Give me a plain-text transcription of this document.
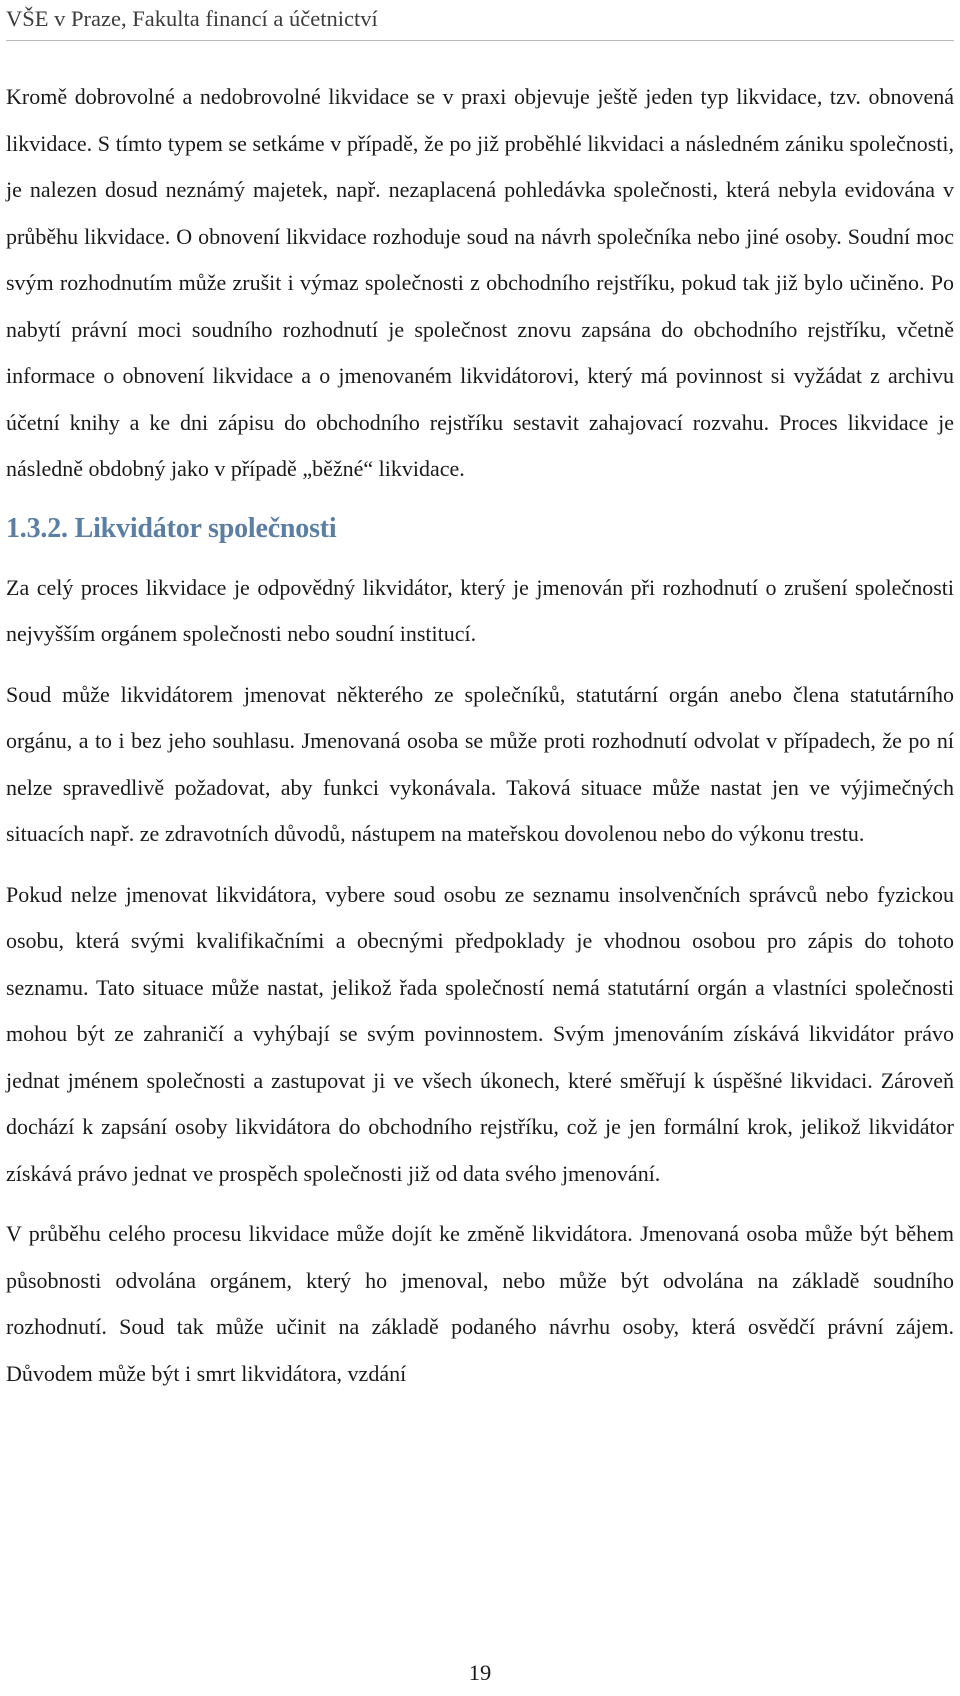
VŠE v Praze, Fakulta financí a účetnictví

Kromě dobrovolné a nedobrovolné likvidace se v praxi objevuje ještě jeden typ likvidace, tzv. obnovená likvidace. S tímto typem se setkáme v případě, že po již proběhlé likvidaci a následném zániku společnosti, je nalezen dosud neznámý majetek, např. nezaplacená pohledávka společnosti, která nebyla evidována v průběhu likvidace. O obnovení likvidace rozhoduje soud na návrh společníka nebo jiné osoby. Soudní moc svým rozhodnutím může zrušit i výmaz společnosti z obchodního rejstříku, pokud tak již bylo učiněno. Po nabytí právní moci soudního rozhodnutí je společnost znovu zapsána do obchodního rejstříku, včetně informace o obnovení likvidace a o jmenovaném likvidátorovi, který má povinnost si vyžádat z archivu účetní knihy a ke dni zápisu do obchodního rejstříku sestavit zahajovací rozvahu. Proces likvidace je následně obdobný jako v případě „běžné“ likvidace.

1.3.2. Likvidátor společnosti

Za celý proces likvidace je odpovědný likvidátor, který je jmenován při rozhodnutí o zrušení společnosti nejvyšším orgánem společnosti nebo soudní institucí.

Soud může likvidátorem jmenovat některého ze společníků, statutární orgán anebo člena statutárního orgánu, a to i bez jeho souhlasu. Jmenovaná osoba se může proti rozhodnutí odvolat v případech, že po ní nelze spravedlivě požadovat, aby funkci vykonávala. Taková situace může nastat jen ve výjimečných situacích např. ze zdravotních důvodů, nástupem na mateřskou dovolenou nebo do výkonu trestu.

Pokud nelze jmenovat likvidátora, vybere soud osobu ze seznamu insolvenčních správců nebo fyzickou osobu, která svými kvalifikačními a obecnými předpoklady je vhodnou osobou pro zápis do tohoto seznamu. Tato situace může nastat, jelikož řada společností nemá statutární orgán a vlastníci společnosti mohou být ze zahraničí a vyhýbají se svým povinnostem. Svým jmenováním získává likvidátor právo jednat jménem společnosti a zastupovat ji ve všech úkonech, které směřují k úspěšné likvidaci. Zároveň dochází k zapsání osoby likvidátora do obchodního rejstříku, což je jen formální krok, jelikož likvidátor získává právo jednat ve prospěch společnosti již od data svého jmenování.

V průběhu celého procesu likvidace může dojít ke změně likvidátora. Jmenovaná osoba může být během působnosti odvolána orgánem, který ho jmenoval, nebo může být odvolána na základě soudního rozhodnutí. Soud tak může učinit na základě podaného návrhu osoby, která osvědčí právní zájem. Důvodem může být i smrt likvidátora, vzdání

19
